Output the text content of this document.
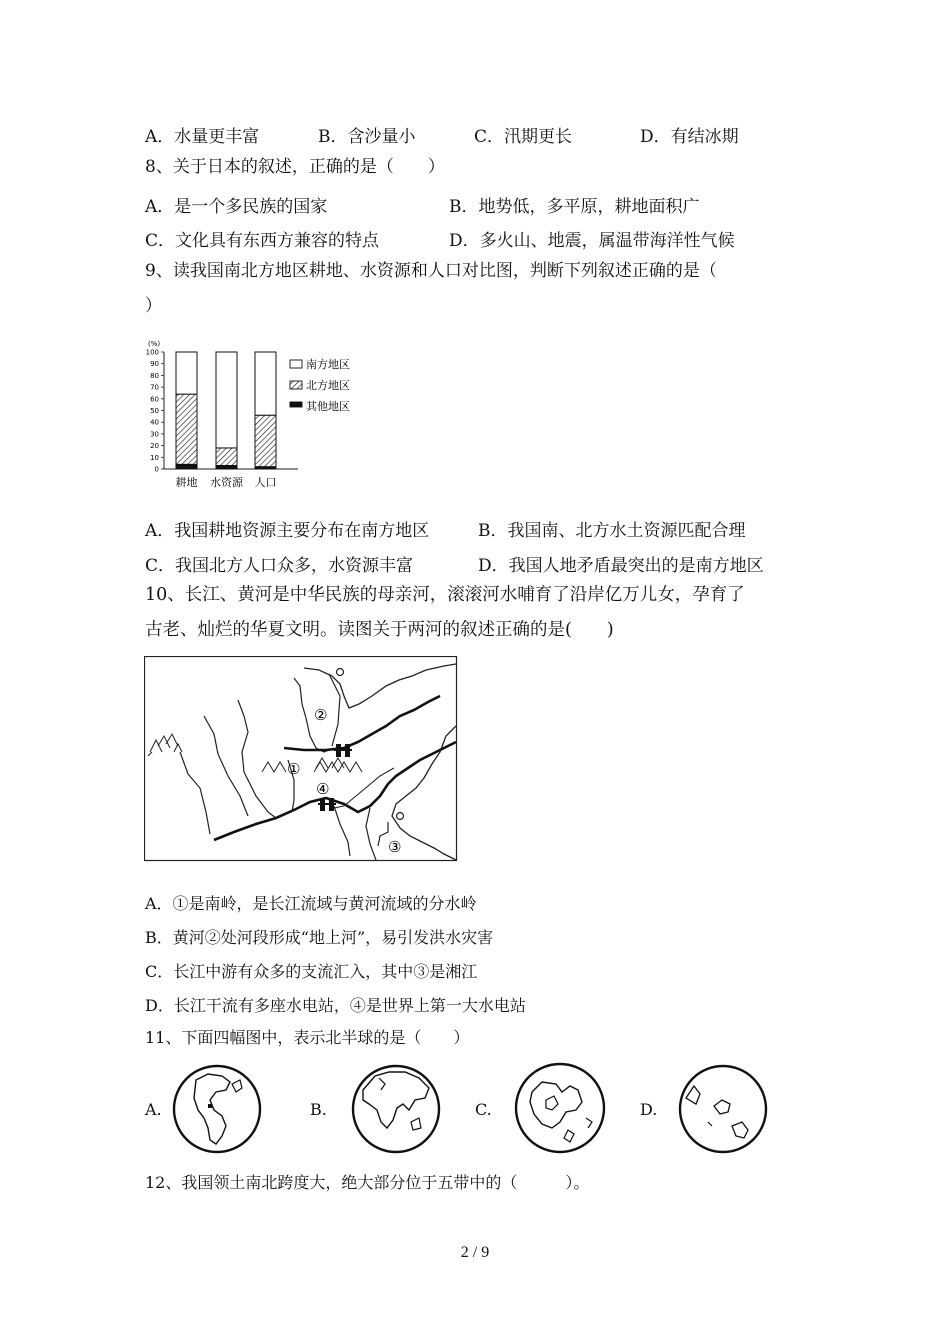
A．水量更丰富	B．含沙量小	C．汛期更长	D．有结冰期
8、关于日本的叙述，正确的是（　　）
A．是一个多民族的国家	B．地势低，多平原，耕地面积广
C．文化具有东西方兼容的特点	D．多火山、地震，属温带海洋性气候
9、读我国南北方地区耕地、水资源和人口对比图，判断下列叙述正确的是（
）
(%)
0
10
20
30
40
50
60
70
80
90
100
耕地 水资源 人口
南方地区
北方地区
其他地区
A．我国耕地资源主要分布在南方地区	B．我国南、北方水土资源匹配合理
C．我国北方人口众多，水资源丰富	D．我国人地矛盾最突出的是南方地区
10、长江、黄河是中华民族的母亲河，滚滚河水哺育了沿岸亿万儿女，孕育了
古老、灿烂的华夏文明。读图关于两河的叙述正确的是(　　)
②
①
④
③
A．①是南岭，是长江流域与黄河流域的分水岭
B．黄河②处河段形成“地上河”，易引发洪水灾害
C．长江中游有众多的支流汇入，其中③是湘江
D．长江干流有多座水电站，④是世界上第一大水电站
11、下面四幅图中，表示北半球的是（　　）
A.	B.	C.	D.
12、我国领土南北跨度大，绝大部分位于五带中的（　　　）。
2 / 9
